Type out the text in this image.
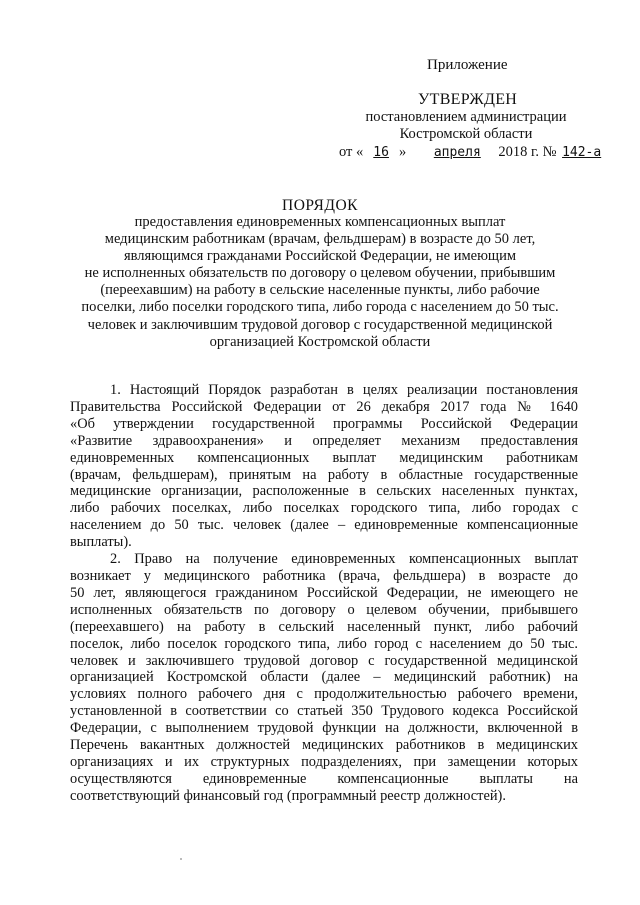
Приложение
УТВЕРЖДЕН
постановлением администрации
Костромской области
от « 16 » апреля 2018 г. № 142-а
ПОРЯДОК
предоставления единовременных компенсационных выплат
медицинским работникам (врачам, фельдшерам) в возрасте до 50 лет,
являющимся гражданами Российской Федерации, не имеющим
не исполненных обязательств по договору о целевом обучении, прибывшим
(переехавшим) на работу в сельские населенные пункты, либо рабочие
поселки, либо поселки городского типа, либо города с населением до 50 тыс.
человек и заключившим трудовой договор с государственной медицинской
организацией Костромской области
1. Настоящий Порядок разработан в целях реализации постановления
Правительства Российской Федерации от 26 декабря 2017 года № 1640
«Об утверждении государственной программы Российской Федерации
«Развитие здравоохранения» и определяет механизм предоставления
единовременных компенсационных выплат медицинским работникам
(врачам, фельдшерам), принятым на работу в областные государственные
медицинские организации, расположенные в сельских населенных пунктах,
либо рабочих поселках, либо поселках городского типа, либо городах с
населением до 50 тыс. человек (далее – единовременные компенсационные
выплаты).
2. Право на получение единовременных компенсационных выплат
возникает у медицинского работника (врача, фельдшера) в возрасте до
50 лет, являющегося гражданином Российской Федерации, не имеющего не
исполненных обязательств по договору о целевом обучении, прибывшего
(переехавшего) на работу в сельский населенный пункт, либо рабочий
поселок, либо поселок городского типа, либо город с населением до 50 тыс.
человек и заключившего трудовой договор с государственной медицинской
организацией Костромской области (далее – медицинский работник) на
условиях полного рабочего дня с продолжительностью рабочего времени,
установленной в соответствии со статьей 350 Трудового кодекса Российской
Федерации, с выполнением трудовой функции на должности, включенной в
Перечень вакантных должностей медицинских работников в медицинских
организациях и их структурных подразделениях, при замещении которых
осуществляются единовременные компенсационные выплаты на
соответствующий финансовый год (программный реестр должностей).
